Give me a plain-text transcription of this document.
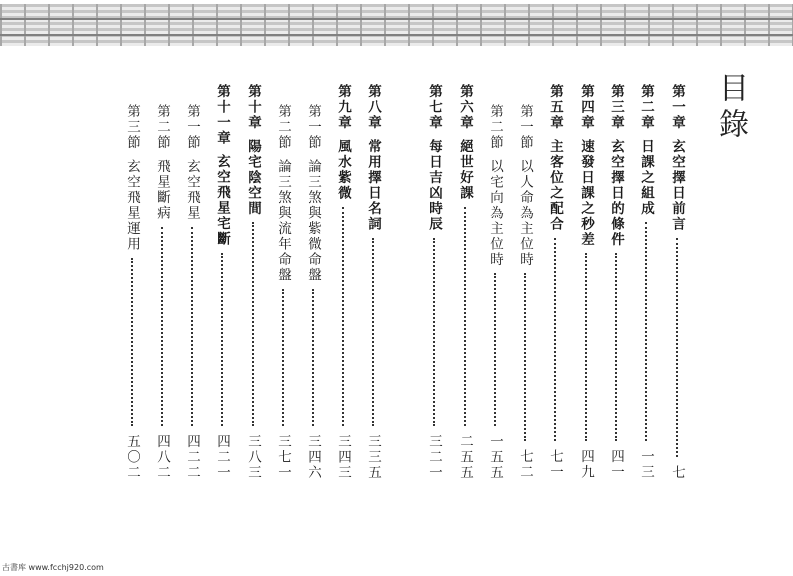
目錄
第一章
玄空擇日前言
七
第二章
日課之組成
一三
第三章
玄空擇日的條件
四一
第四章
速發日課之秒差
四九
第五章
主客位之配合
七一
第一節
以人命為主位時
七二
第二節
以宅向為主位時
一五五
第六章
絕世好課
二五五
第七章
每日吉凶時辰
三二一
第八章
常用擇日名詞
三三五
第九章
風水紫微
三四三
第一節
論三煞與紫微命盤
三四六
第二節
論三煞與流年命盤
三七一
第十章
陽宅陰空間
三八三
第十一章
玄空飛星宅斷
四二一
第一節
玄空飛星
四二二
第二節
飛星斷病
四八二
第三節
玄空飛星運用
五〇二
古書库 www.fcchj920.com
